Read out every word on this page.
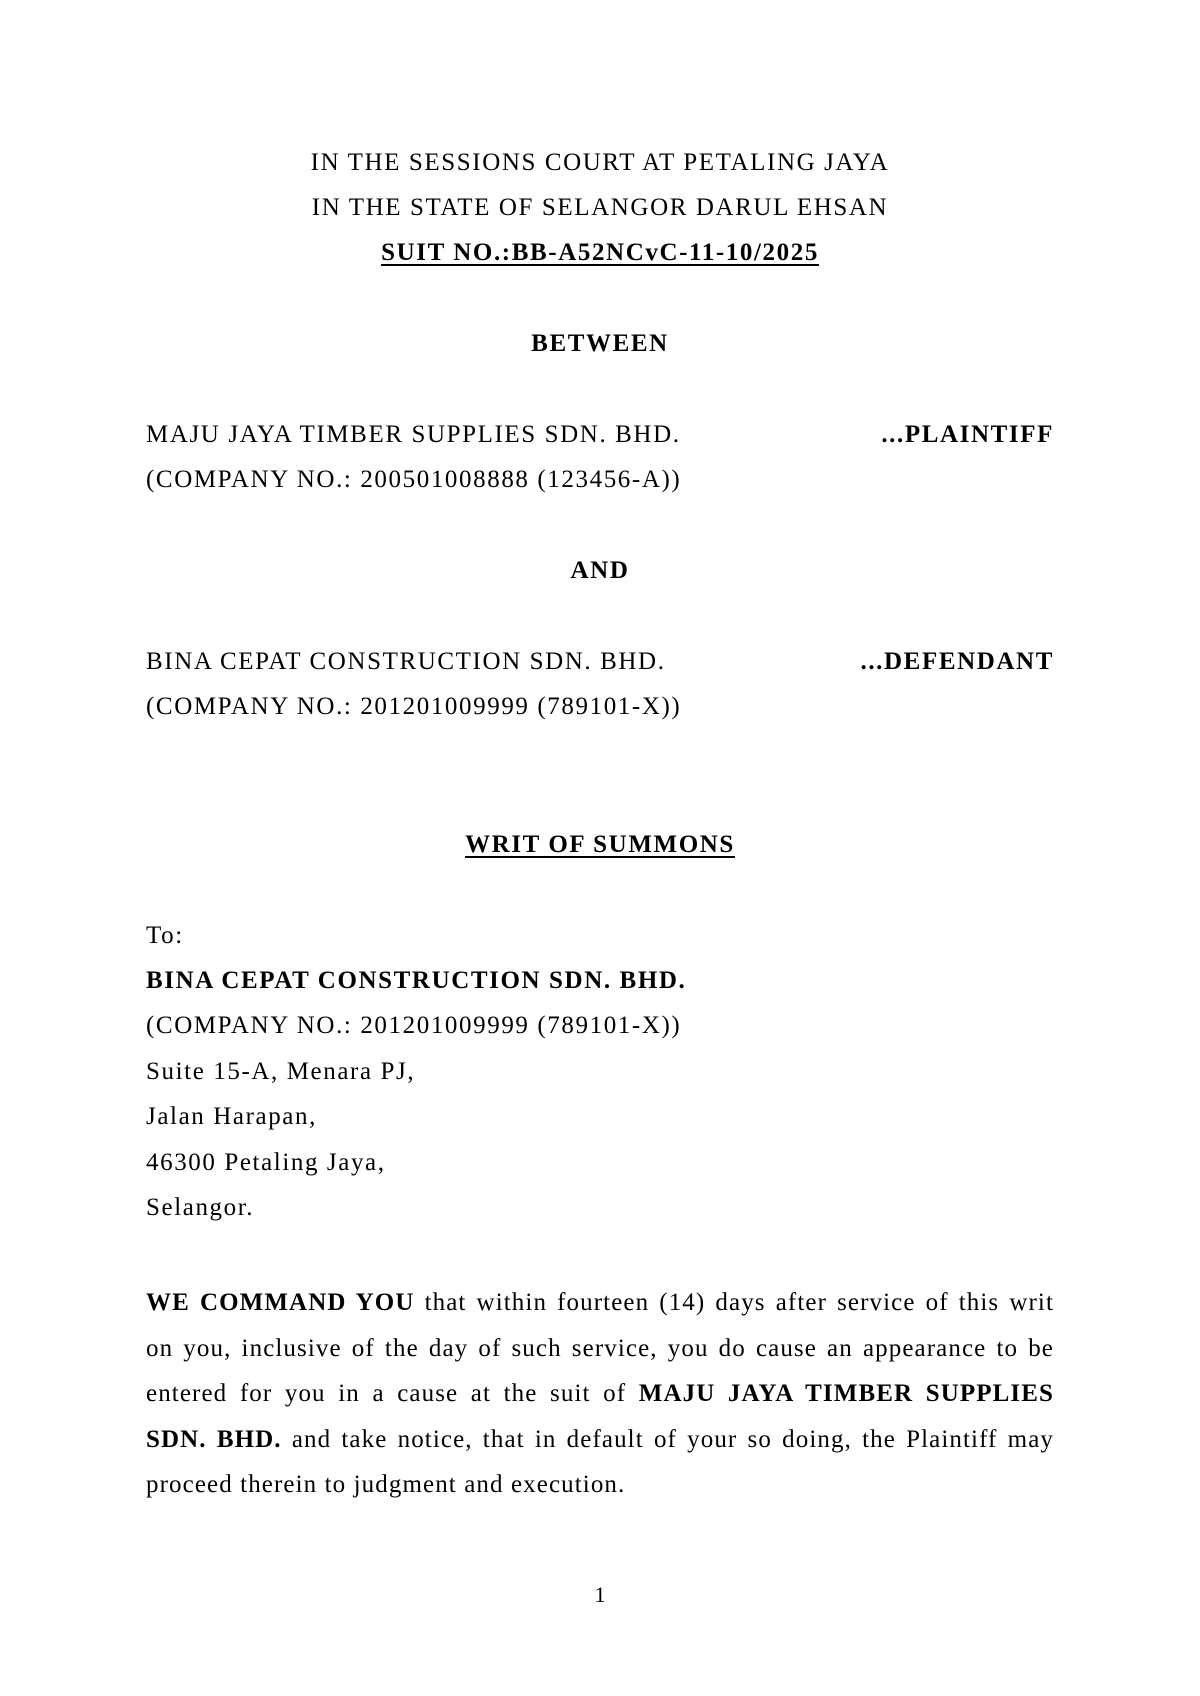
IN THE SESSIONS COURT AT PETALING JAYA
IN THE STATE OF SELANGOR DARUL EHSAN
SUIT NO.:BB-A52NCvC-11-10/2025
BETWEEN
MAJU JAYA TIMBER SUPPLIES SDN. BHD.	...PLAINTIFF
(COMPANY NO.: 200501008888 (123456-A))
AND
BINA CEPAT CONSTRUCTION SDN. BHD.	...DEFENDANT
(COMPANY NO.: 201201009999 (789101-X))
WRIT OF SUMMONS
To:
BINA CEPAT CONSTRUCTION SDN. BHD.
(COMPANY NO.: 201201009999 (789101-X))
Suite 15-A, Menara PJ,
Jalan Harapan,
46300 Petaling Jaya,
Selangor.
WE COMMAND YOU that within fourteen (14) days after service of this writ on you, inclusive of the day of such service, you do cause an appearance to be entered for you in a cause at the suit of MAJU JAYA TIMBER SUPPLIES SDN. BHD. and take notice, that in default of your so doing, the Plaintiff may proceed therein to judgment and execution.
1
